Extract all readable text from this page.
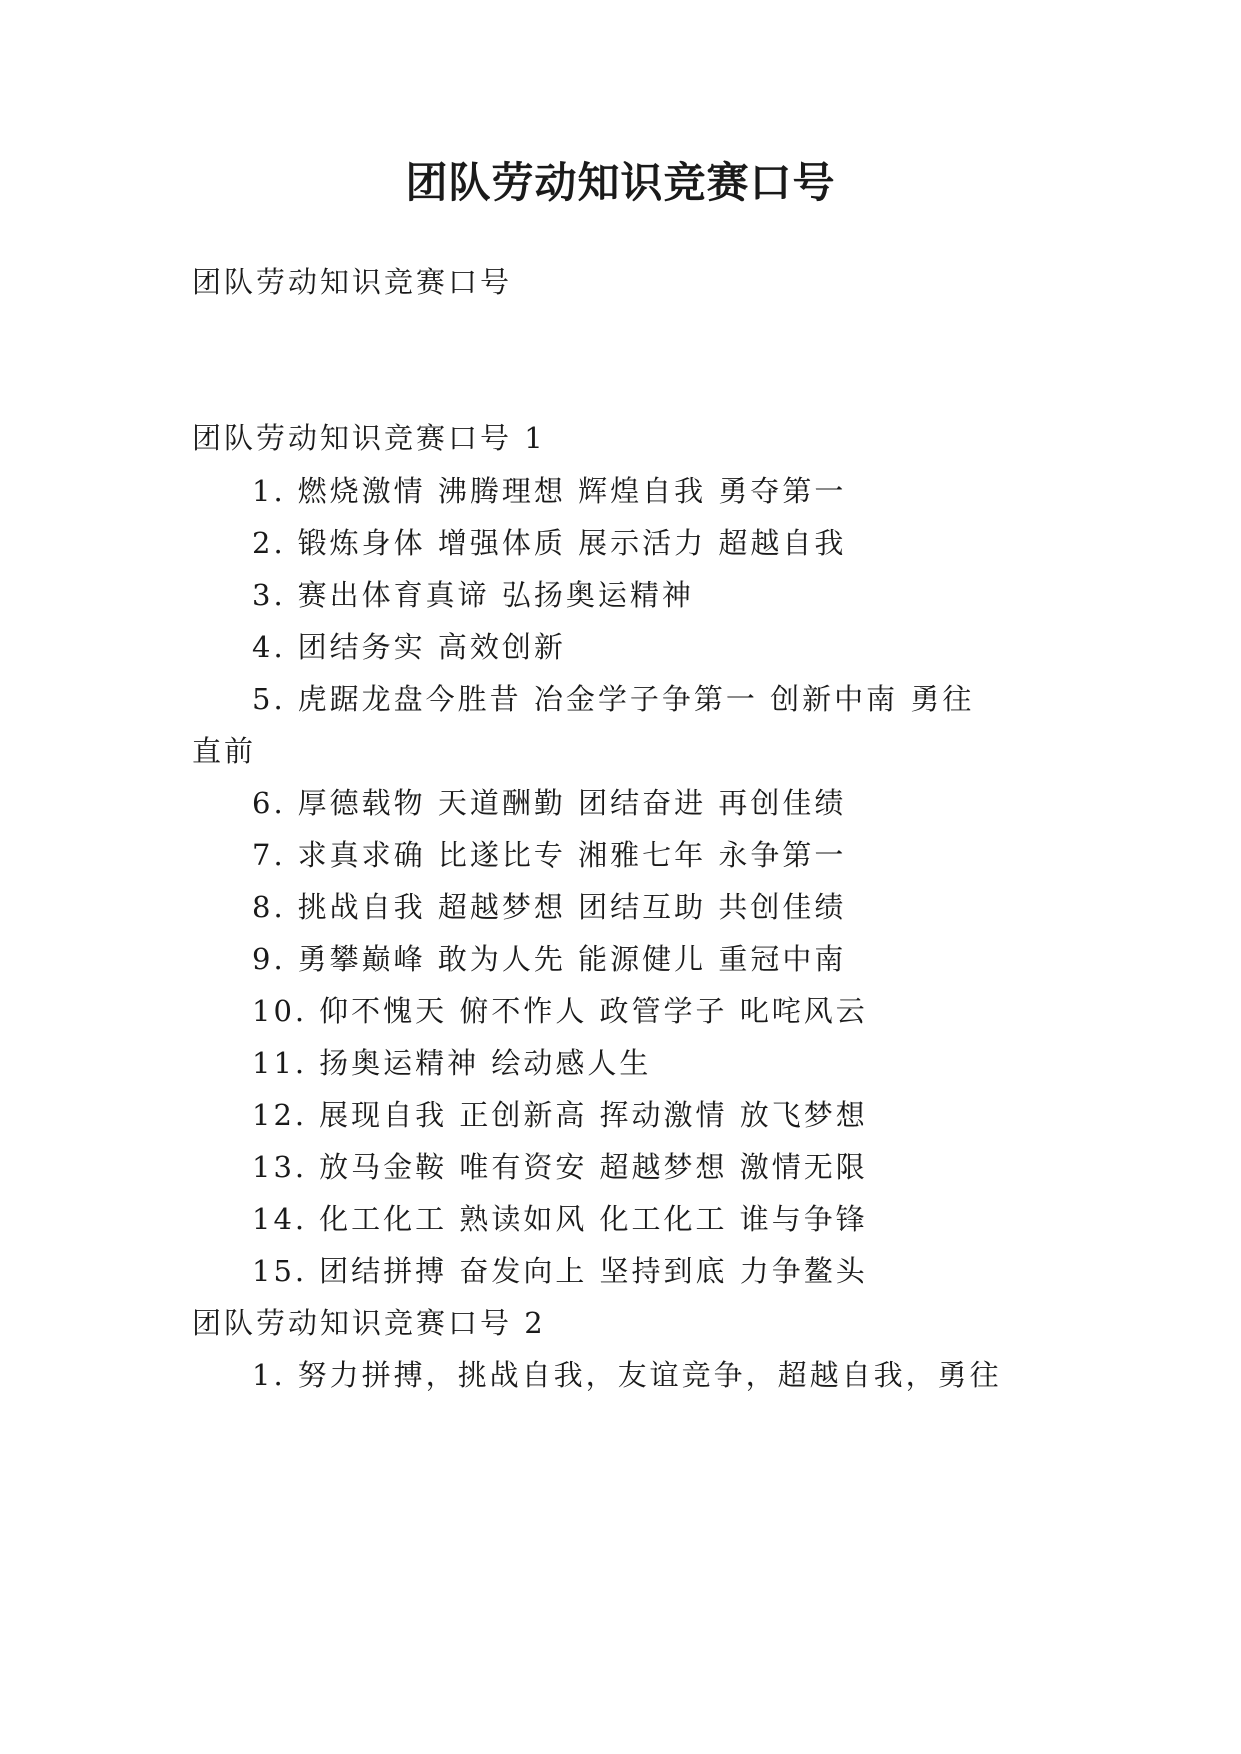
团队劳动知识竞赛口号
团队劳动知识竞赛口号
团队劳动知识竞赛口号 1
1. 燃烧激情 沸腾理想 辉煌自我 勇夺第一
2. 锻炼身体 增强体质 展示活力 超越自我
3. 赛出体育真谛 弘扬奥运精神
4. 团结务实 高效创新
5. 虎踞龙盘今胜昔 冶金学子争第一 创新中南 勇往
直前
6. 厚德载物 天道酬勤 团结奋进 再创佳绩
7. 求真求确 比遂比专 湘雅七年 永争第一
8. 挑战自我 超越梦想 团结互助 共创佳绩
9. 勇攀巅峰 敢为人先 能源健儿 重冠中南
10. 仰不愧天 俯不怍人 政管学子 叱咤风云
11. 扬奥运精神 绘动感人生
12. 展现自我 正创新高 挥动激情 放飞梦想
13. 放马金鞍 唯有资安 超越梦想 激情无限
14. 化工化工 熟读如风 化工化工 谁与争锋
15. 团结拼搏 奋发向上 坚持到底 力争鳌头
团队劳动知识竞赛口号 2
1. 努力拼搏，挑战自我，友谊竞争，超越自我，勇往
